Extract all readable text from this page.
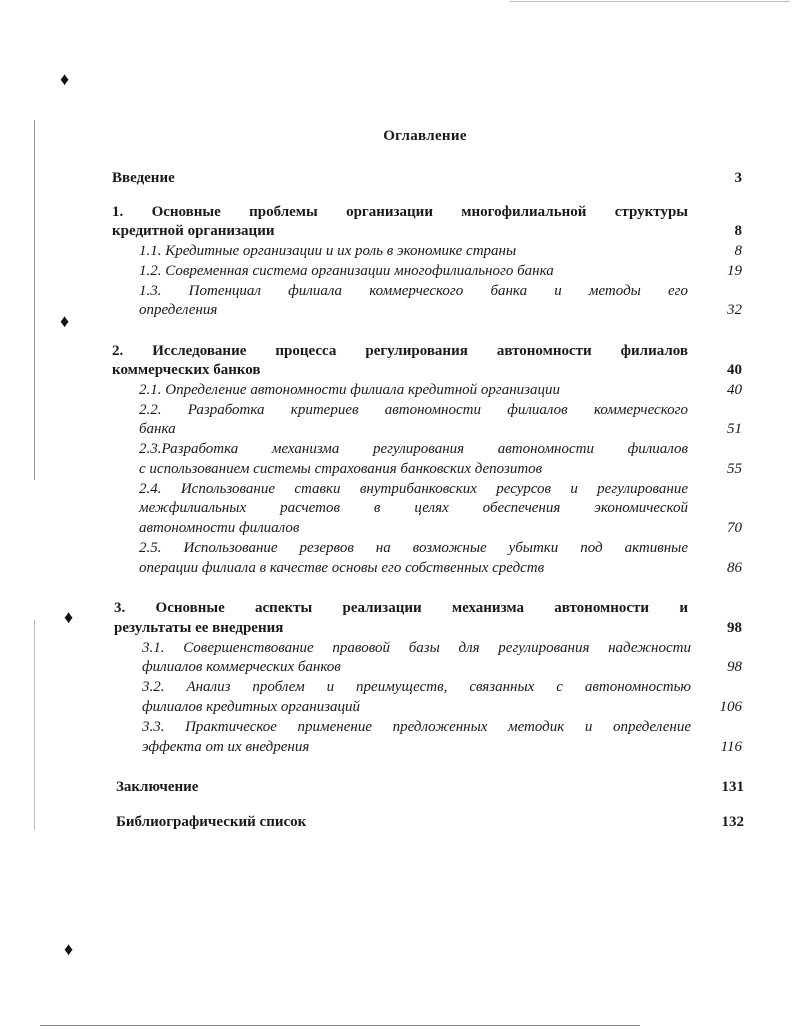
♦
♦
♦
♦
Оглавление
Введение	3
1. Основные проблемы организации многофилиальной структуры
кредитной организации	8
1.1. Кредитные организации и их роль в экономике страны	8
1.2. Современная система организации многофилиального банка	19
1.3. Потенциал филиала коммерческого банка и методы его
определения	32
2. Исследование процесса регулирования автономности филиалов
коммерческих банков	40
2.1. Определение автономности филиала кредитной организации	40
2.2. Разработка критериев автономности филиалов коммерческого
банка	51
2.3.Разработка механизма регулирования автономности филиалов
с использованием системы страхования банковских депозитов	55
2.4. Использование ставки внутрибанковских ресурсов и регулирование
межфилиальных расчетов в целях обеспечения экономической
автономности филиалов	70
2.5. Использование резервов на возможные убытки под активные
операции филиала в качестве основы его собственных средств	86
3. Основные аспекты реализации механизма автономности и
результаты ее внедрения	98
3.1. Совершенствование правовой базы для регулирования надежности
филиалов коммерческих банков	98
3.2. Анализ проблем и преимуществ, связанных с автономностью
филиалов кредитных организаций	106
3.3. Практическое применение предложенных методик и определение
эффекта от их внедрения	116
Заключение	131
Библиографический список	132
